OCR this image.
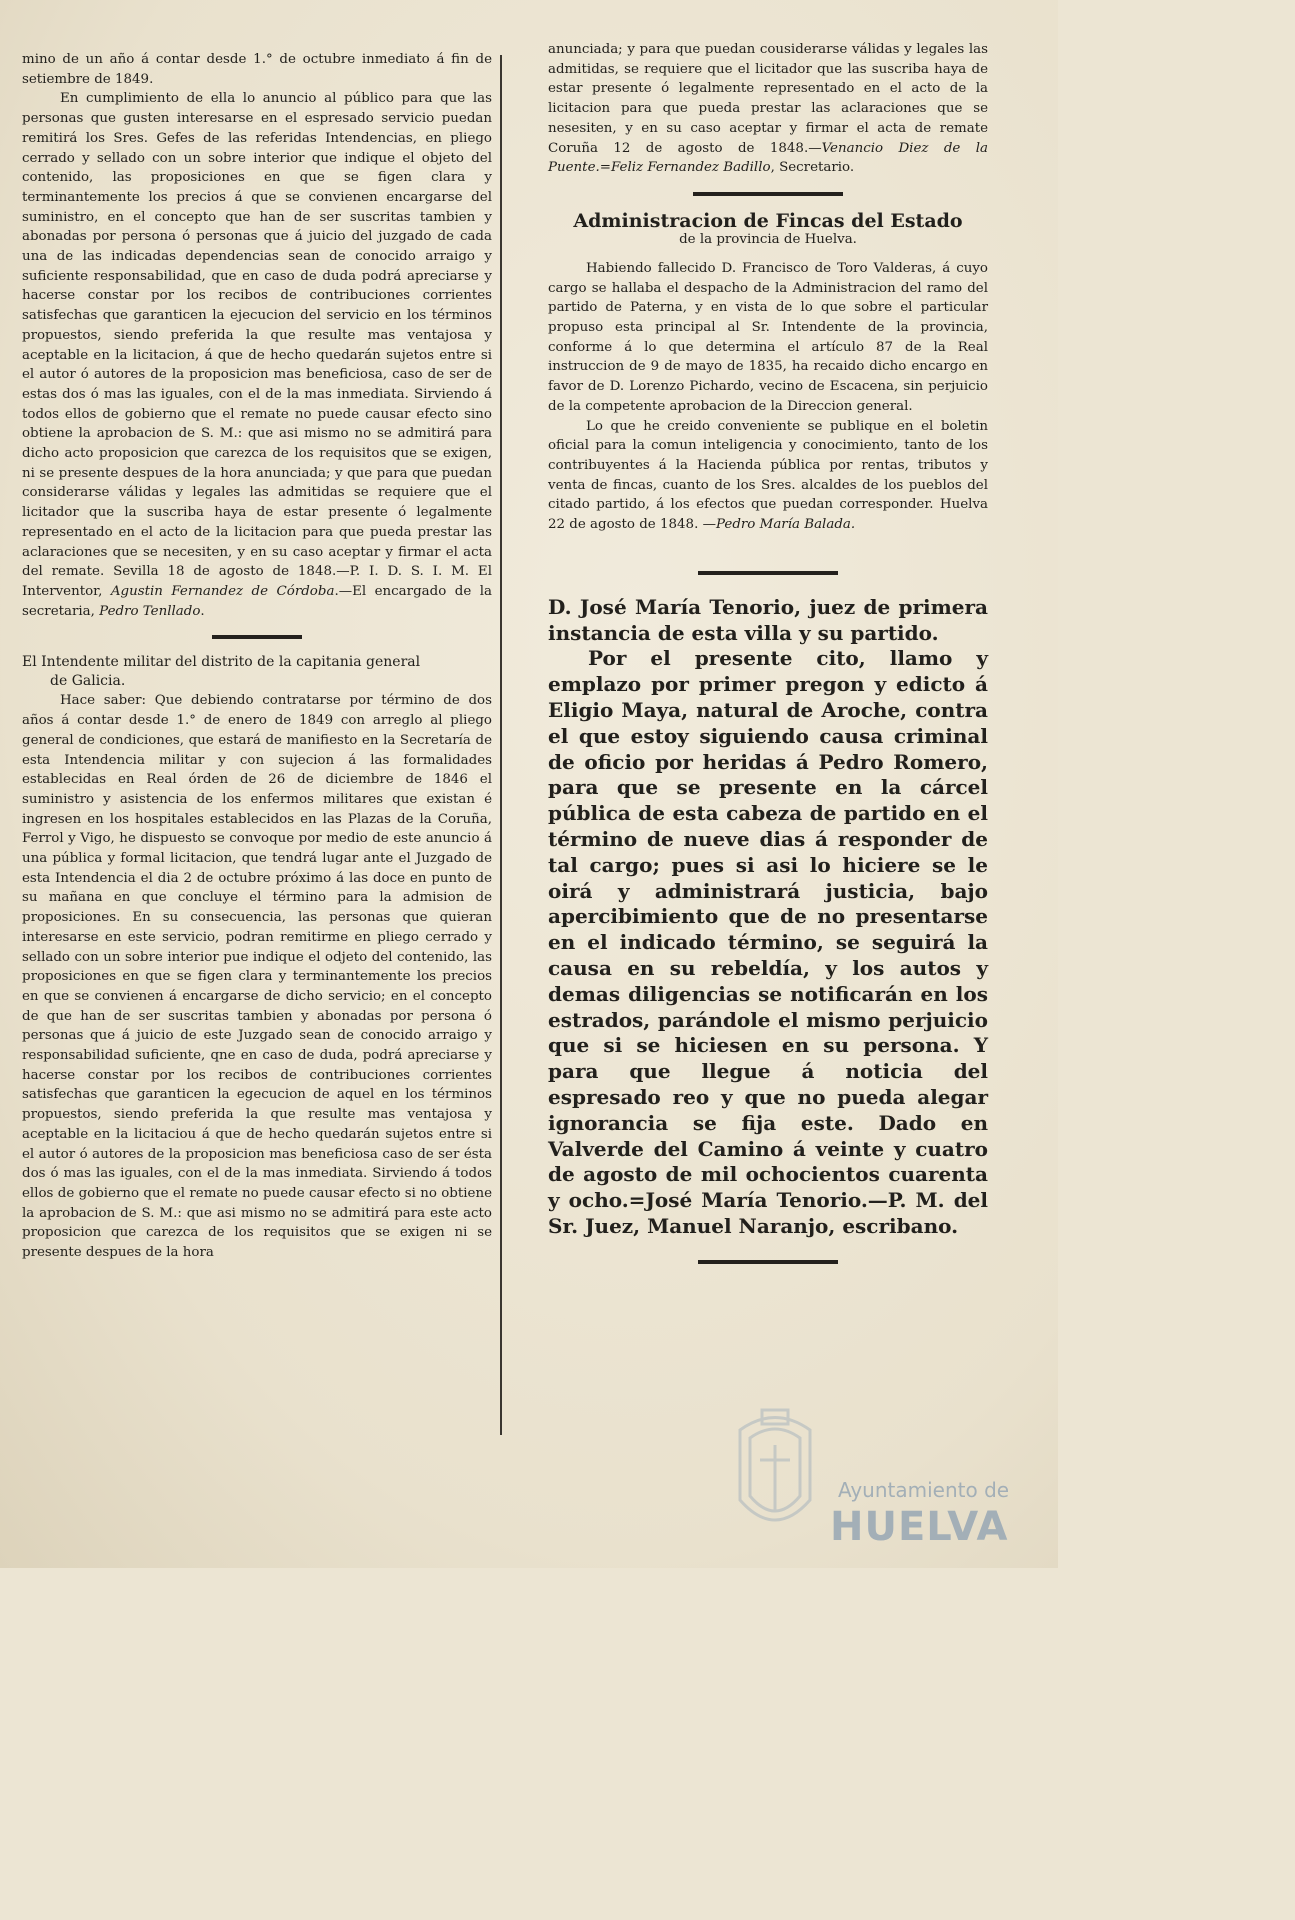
mino de un año á contar desde 1.° de octubre inmediato á fin de setiembre de 1849.

En cumplimiento de ella lo anuncio al público para que las personas que gusten interesarse en el espresado servicio puedan remitirá los Sres. Gefes de las referidas Intendencias, en pliego cerrado y sellado con un sobre interior que indique el objeto del contenido, las proposiciones en que se figen clara y terminantemente los precios á que se convienen encargarse del suministro, en el concepto que han de ser suscritas tambien y abonadas por persona ó personas que á juicio del juzgado de cada una de las indicadas dependencias sean de conocido arraigo y suficiente responsabilidad, que en caso de duda podrá apreciarse y hacerse constar por los recibos de contribuciones corrientes satisfechas que garanticen la ejecucion del servicio en los términos propuestos, siendo preferida la que resulte mas ventajosa y aceptable en la licitacion, á que de hecho quedarán sujetos entre si el autor ó autores de la proposicion mas beneficiosa, caso de ser de estas dos ó mas las iguales, con el de la mas inmediata. Sirviendo á todos ellos de gobierno que el remate no puede causar efecto sino obtiene la aprobacion de S. M.: que asi mismo no se admitirá para dicho acto proposicion que carezca de los requisitos que se exigen, ni se presente despues de la hora anunciada; y que para que puedan considerarse válidas y legales las admitidas se requiere que el licitador que la suscriba haya de estar presente ó legalmente representado en el acto de la licitacion para que pueda prestar las aclaraciones que se necesiten, y en su caso aceptar y firmar el acta del remate. Sevilla 18 de agosto de 1848.—P. I. D. S. I. M. El Interventor, Agustin Fernandez de Córdoba.—El encargado de la secretaria, Pedro Tenllado.

El Intendente militar del distrito de la capitania general
de Galicia.

Hace saber: Que debiendo contratarse por término de dos años á contar desde 1.° de enero de 1849 con arreglo al pliego general de condiciones, que estará de manifiesto en la Secretaría de esta Intendencia militar y con sujecion á las formalidades establecidas en Real órden de 26 de diciembre de 1846 el suministro y asistencia de los enfermos militares que existan é ingresen en los hospitales establecidos en las Plazas de la Coruña, Ferrol y Vigo, he dispuesto se convoque por medio de este anuncio á una pública y formal licitacion, que tendrá lugar ante el Juzgado de esta Intendencia el dia 2 de octubre próximo á las doce en punto de su mañana en que concluye el término para la admision de proposiciones. En su consecuencia, las personas que quieran interesarse en este servicio, podran remitirme en pliego cerrado y sellado con un sobre interior pue indique el odjeto del contenido, las proposiciones en que se figen clara y terminantemente los precios en que se convienen á encargarse de dicho servicio; en el concepto de que han de ser suscritas tambien y abonadas por persona ó personas que á juicio de este Juzgado sean de conocido arraigo y responsabilidad suficiente, qne en caso de duda, podrá apreciarse y hacerse constar por los recibos de contribuciones corrientes satisfechas que garanticen la egecucion de aquel en los términos propuestos, siendo preferida la que resulte mas ventajosa y aceptable en la licitaciou á que de hecho quedarán sujetos entre si el autor ó autores de la proposicion mas beneficiosa caso de ser ésta dos ó mas las iguales, con el de la mas inmediata. Sirviendo á todos ellos de gobierno que el remate no puede causar efecto si no obtiene la aprobacion de S. M.: que asi mismo no se admitirá para este acto proposicion que carezca de los requisitos que se exigen ni se presente despues de la hora

anunciada; y para que puedan cousiderarse válidas y legales las admitidas, se requiere que el licitador que las suscriba haya de estar presente ó legalmente representado en el acto de la licitacion para que pueda prestar las aclaraciones que se nesesiten, y en su caso aceptar y firmar el acta de remate Coruña 12 de agosto de 1848.—Venancio Diez de la Puente.=Feliz Fernandez Badillo, Secretario.

Administracion de Fincas del Estado
de la provincia de Huelva.

Habiendo fallecido D. Francisco de Toro Valderas, á cuyo cargo se hallaba el despacho de la Administracion del ramo del partido de Paterna, y en vista de lo que sobre el particular propuso esta principal al Sr. Intendente de la provincia, conforme á lo que determina el artículo 87 de la Real instruccion de 9 de mayo de 1835, ha recaido dicho encargo en favor de D. Lorenzo Pichardo, vecino de Escacena, sin perjuicio de la competente aprobacion de la Direccion general.

Lo que he creido conveniente se publique en el boletin oficial para la comun inteligencia y conocimiento, tanto de los contribuyentes á la Hacienda pública por rentas, tributos y venta de fincas, cuanto de los Sres. alcaldes de los pueblos del citado partido, á los efectos que puedan corresponder. Huelva 22 de agosto de 1848. —Pedro María Balada.

D. José María Tenorio, juez de primera instancia de esta villa y su partido.

Por el presente cito, llamo y emplazo por primer pregon y edicto á Eligio Maya, natural de Aroche, contra el que estoy siguiendo causa criminal de oficio por heridas á Pedro Romero, para que se presente en la cárcel pública de esta cabeza de partido en el término de nueve dias á responder de tal cargo; pues si asi lo hiciere se le oirá y administrará justicia, bajo apercibimiento que de no presentarse en el indicado término, se seguirá la causa en su rebeldía, y los autos y demas diligencias se notificarán en los estrados, parándole el mismo perjuicio que si se hiciesen en su persona. Y para que llegue á noticia del espresado reo y que no pueda alegar ignorancia se fija este. Dado en Valverde del Camino á veinte y cuatro de agosto de mil ochocientos cuarenta y ocho.=José María Tenorio.—P. M. del Sr. Juez, Manuel Naranjo, escribano.

Ayuntamiento de
HUELVA
